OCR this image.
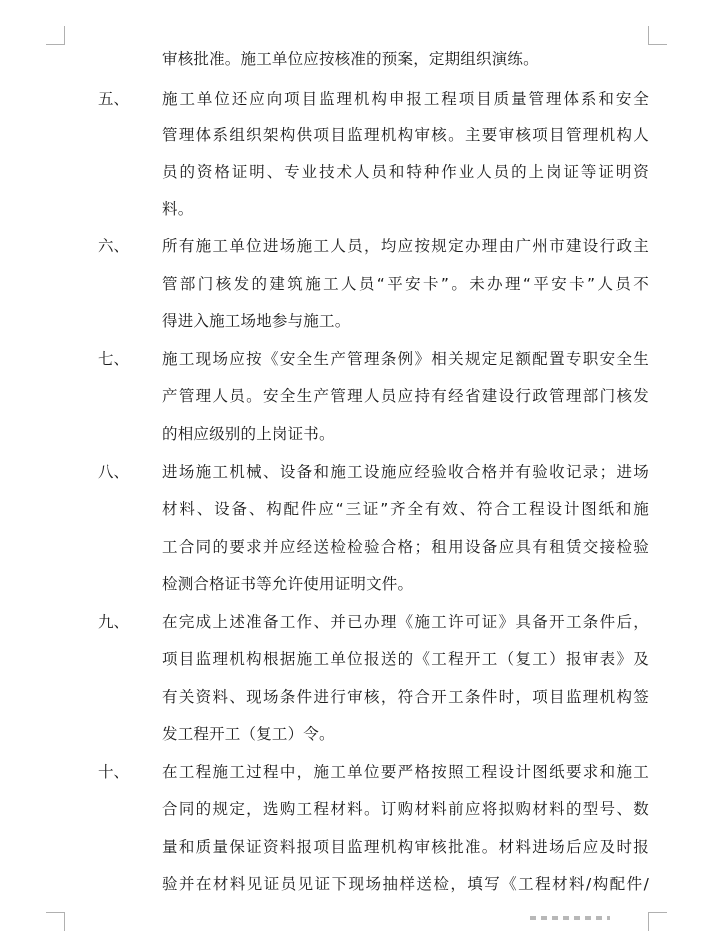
审核批准。施工单位应按核准的预案，定期组织演练。
五、 施工单位还应向项目监理机构申报工程项目质量管理体系和安全
管理体系组织架构供项目监理机构审核。主要审核项目管理机构人
员的资格证明、专业技术人员和特种作业人员的上岗证等证明资
料。
六、 所有施工单位进场施工人员，均应按规定办理由广州市建设行政主
管部门核发的建筑施工人员“平安卡”。未办理“平安卡”人员不
得进入施工场地参与施工。
七、 施工现场应按《安全生产管理条例》相关规定足额配置专职安全生
产管理人员。安全生产管理人员应持有经省建设行政管理部门核发
的相应级别的上岗证书。
八、 进场施工机械、设备和施工设施应经验收合格并有验收记录；进场
材料、设备、构配件应“三证”齐全有效、符合工程设计图纸和施
工合同的要求并应经送检检验合格；租用设备应具有租赁交接检验
检测合格证书等允许使用证明文件。
九、 在完成上述准备工作、并已办理《施工许可证》具备开工条件后，
项目监理机构根据施工单位报送的《工程开工（复工）报审表》及
有关资料、现场条件进行审核，符合开工条件时，项目监理机构签
发工程开工（复工）令。
十、 在工程施工过程中，施工单位要严格按照工程设计图纸要求和施工
合同的规定，选购工程材料。订购材料前应将拟购材料的型号、数
量和质量保证资料报项目监理机构审核批准。材料进场后应及时报
验并在材料见证员见证下现场抽样送检，填写《工程材料/构配件/
